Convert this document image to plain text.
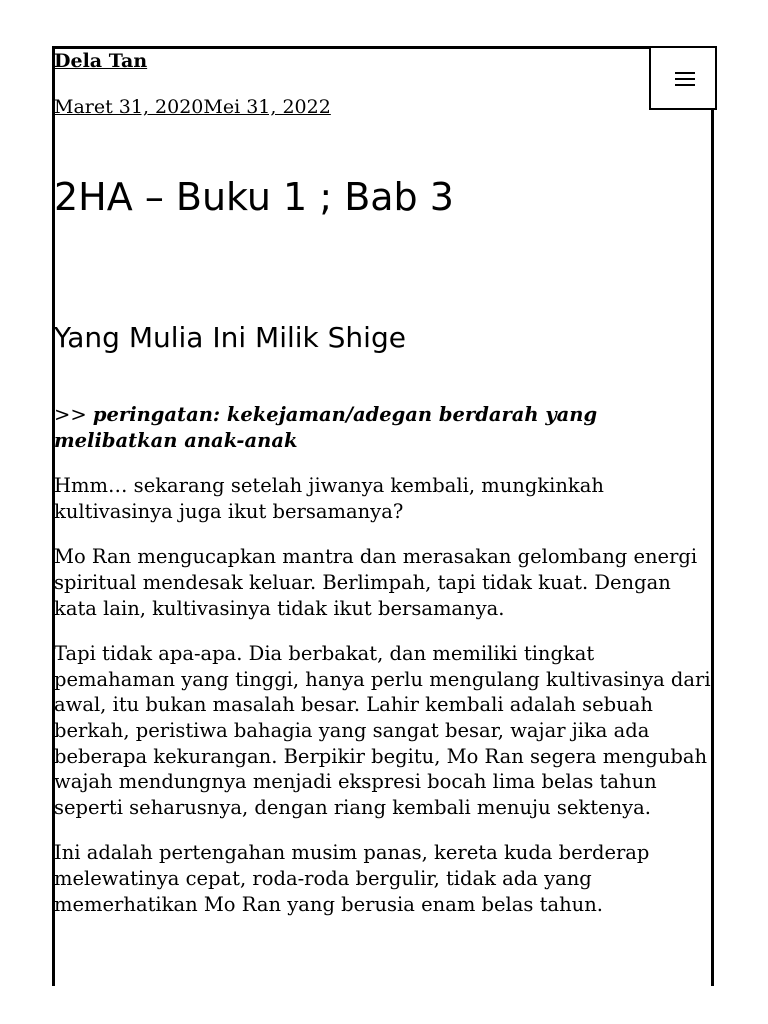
Dela Tan
Maret 31, 2020Mei 31, 2022
2HA – Buku 1 ; Bab 3
Yang Mulia Ini Milik Shige

>> peringatan: kekejaman/adegan berdarah yang melibatkan anak-anak

Hmm… sekarang setelah jiwanya kembali, mungkinkah kultivasinya juga ikut bersamanya?

Mo Ran mengucapkan mantra dan merasakan gelombang energi spiritual mendesak keluar. Berlimpah, tapi tidak kuat. Dengan kata lain, kultivasinya tidak ikut bersamanya.

Tapi tidak apa-apa. Dia berbakat, dan memiliki tingkat pemahaman yang tinggi, hanya perlu mengulang kultivasinya dari awal, itu bukan masalah besar. Lahir kembali adalah sebuah berkah, peristiwa bahagia yang sangat besar, wajar jika ada beberapa kekurangan. Berpikir begitu, Mo Ran segera mengubah wajah mendungnya menjadi ekspresi bocah lima belas tahun seperti seharusnya, dengan riang kembali menuju sektenya.

Ini adalah pertengahan musim panas, kereta kuda berderap melewatinya cepat, roda-roda bergulir, tidak ada yang memerhatikan Mo Ran yang berusia enam belas tahun.
